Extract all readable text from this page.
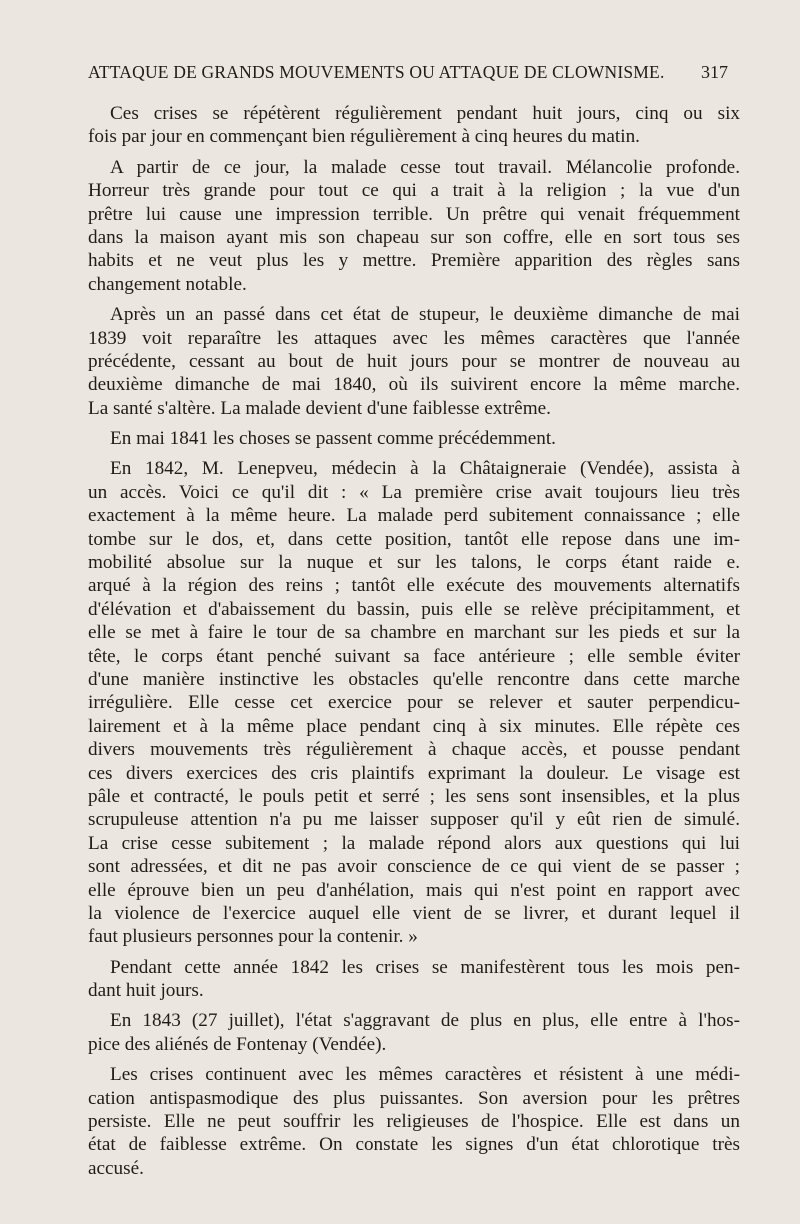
ATTAQUE DE GRANDS MOUVEMENTS OU ATTAQUE DE CLOWNISME. 317
Ces crises se répétèrent régulièrement pendant huit jours, cinq ou six
fois par jour en commençant bien régulièrement à cinq heures du matin.
A partir de ce jour, la malade cesse tout travail. Mélancolie profonde.
Horreur très grande pour tout ce qui a trait à la religion ; la vue d'un
prêtre lui cause une impression terrible. Un prêtre qui venait fréquemment
dans la maison ayant mis son chapeau sur son coffre, elle en sort tous ses
habits et ne veut plus les y mettre. Première apparition des règles sans
changement notable.
Après un an passé dans cet état de stupeur, le deuxième dimanche de mai
1839 voit reparaître les attaques avec les mêmes caractères que l'année
précédente, cessant au bout de huit jours pour se montrer de nouveau au
deuxième dimanche de mai 1840, où ils suivirent encore la même marche.
La santé s'altère. La malade devient d'une faiblesse extrême.
En mai 1841 les choses se passent comme précédemment.
En 1842, M. Lenepveu, médecin à la Châtaigneraie (Vendée), assista à
un accès. Voici ce qu'il dit : « La première crise avait toujours lieu très
exactement à la même heure. La malade perd subitement connaissance ; elle
tombe sur le dos, et, dans cette position, tantôt elle repose dans une im-
mobilité absolue sur la nuque et sur les talons, le corps étant raide e.
arqué à la région des reins ; tantôt elle exécute des mouvements alternatifs
d'élévation et d'abaissement du bassin, puis elle se relève précipitamment, et
elle se met à faire le tour de sa chambre en marchant sur les pieds et sur la
tête, le corps étant penché suivant sa face antérieure ; elle semble éviter
d'une manière instinctive les obstacles qu'elle rencontre dans cette marche
irrégulière. Elle cesse cet exercice pour se relever et sauter perpendicu-
lairement et à la même place pendant cinq à six minutes. Elle répète ces
divers mouvements très régulièrement à chaque accès, et pousse pendant
ces divers exercices des cris plaintifs exprimant la douleur. Le visage est
pâle et contracté, le pouls petit et serré ; les sens sont insensibles, et la plus
scrupuleuse attention n'a pu me laisser supposer qu'il y eût rien de simulé.
La crise cesse subitement ; la malade répond alors aux questions qui lui
sont adressées, et dit ne pas avoir conscience de ce qui vient de se passer ;
elle éprouve bien un peu d'anhélation, mais qui n'est point en rapport avec
la violence de l'exercice auquel elle vient de se livrer, et durant lequel il
faut plusieurs personnes pour la contenir. »
Pendant cette année 1842 les crises se manifestèrent tous les mois pen-
dant huit jours.
En 1843 (27 juillet), l'état s'aggravant de plus en plus, elle entre à l'hos-
pice des aliénés de Fontenay (Vendée).
Les crises continuent avec les mêmes caractères et résistent à une médi-
cation antispasmodique des plus puissantes. Son aversion pour les prêtres
persiste. Elle ne peut souffrir les religieuses de l'hospice. Elle est dans un
état de faiblesse extrême. On constate les signes d'un état chlorotique très
accusé.
